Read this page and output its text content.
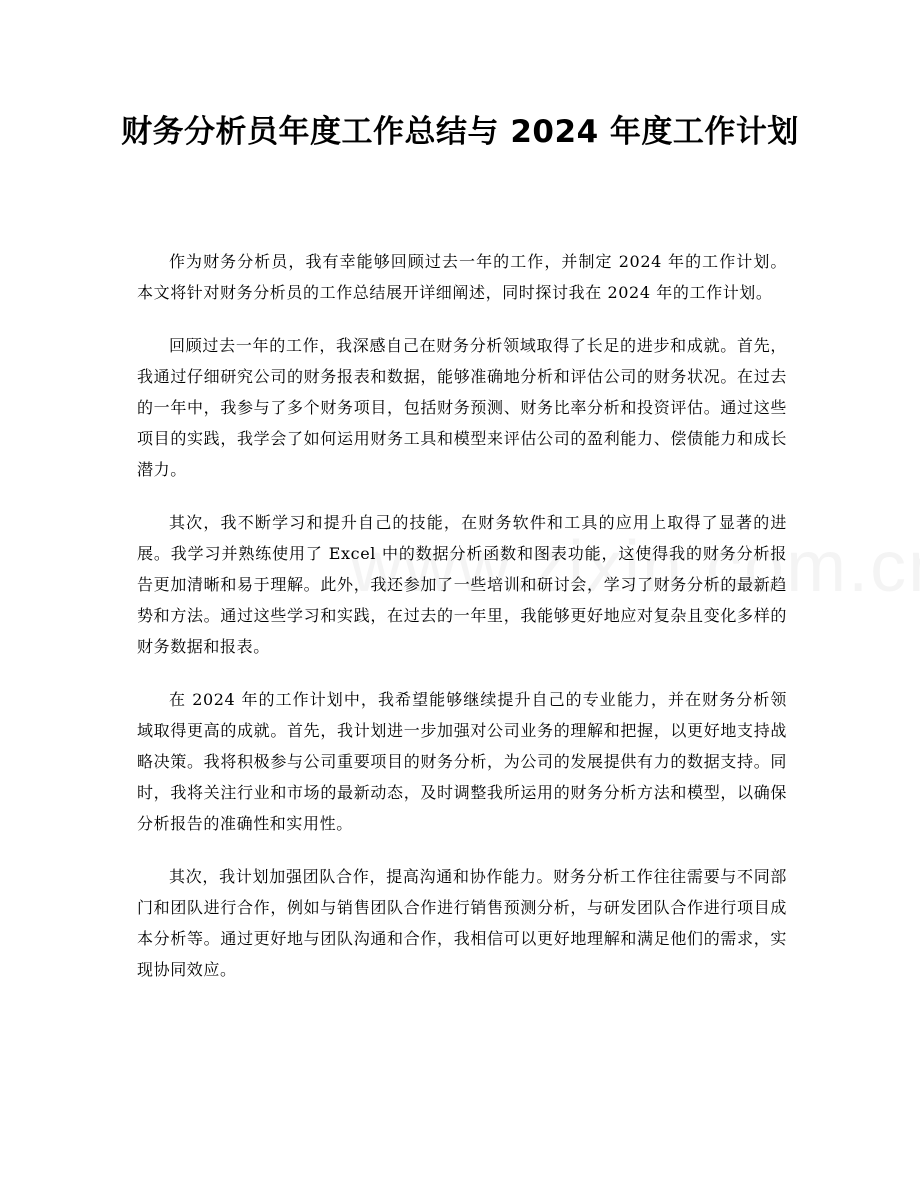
财务分析员年度工作总结与 2024 年度工作计划

作为财务分析员，我有幸能够回顾过去一年的工作，并制定 2024 年的工作计划。本文将针对财务分析员的工作总结展开详细阐述，同时探讨我在 2024 年的工作计划。

回顾过去一年的工作，我深感自己在财务分析领域取得了长足的进步和成就。首先，我通过仔细研究公司的财务报表和数据，能够准确地分析和评估公司的财务状况。在过去的一年中，我参与了多个财务项目，包括财务预测、财务比率分析和投资评估。通过这些项目的实践，我学会了如何运用财务工具和模型来评估公司的盈利能力、偿债能力和成长潜力。

其次，我不断学习和提升自己的技能，在财务软件和工具的应用上取得了显著的进展。我学习并熟练使用了 Excel 中的数据分析函数和图表功能，这使得我的财务分析报告更加清晰和易于理解。此外，我还参加了一些培训和研讨会，学习了财务分析的最新趋势和方法。通过这些学习和实践，在过去的一年里，我能够更好地应对复杂且变化多样的财务数据和报表。

在 2024 年的工作计划中，我希望能够继续提升自己的专业能力，并在财务分析领域取得更高的成就。首先，我计划进一步加强对公司业务的理解和把握，以更好地支持战略决策。我将积极参与公司重要项目的财务分析，为公司的发展提供有力的数据支持。同时，我将关注行业和市场的最新动态，及时调整我所运用的财务分析方法和模型，以确保分析报告的准确性和实用性。

其次，我计划加强团队合作，提高沟通和协作能力。财务分析工作往往需要与不同部门和团队进行合作，例如与销售团队合作进行销售预测分析，与研发团队合作进行项目成本分析等。通过更好地与团队沟通和合作，我相信可以更好地理解和满足他们的需求，实现协同效应。
